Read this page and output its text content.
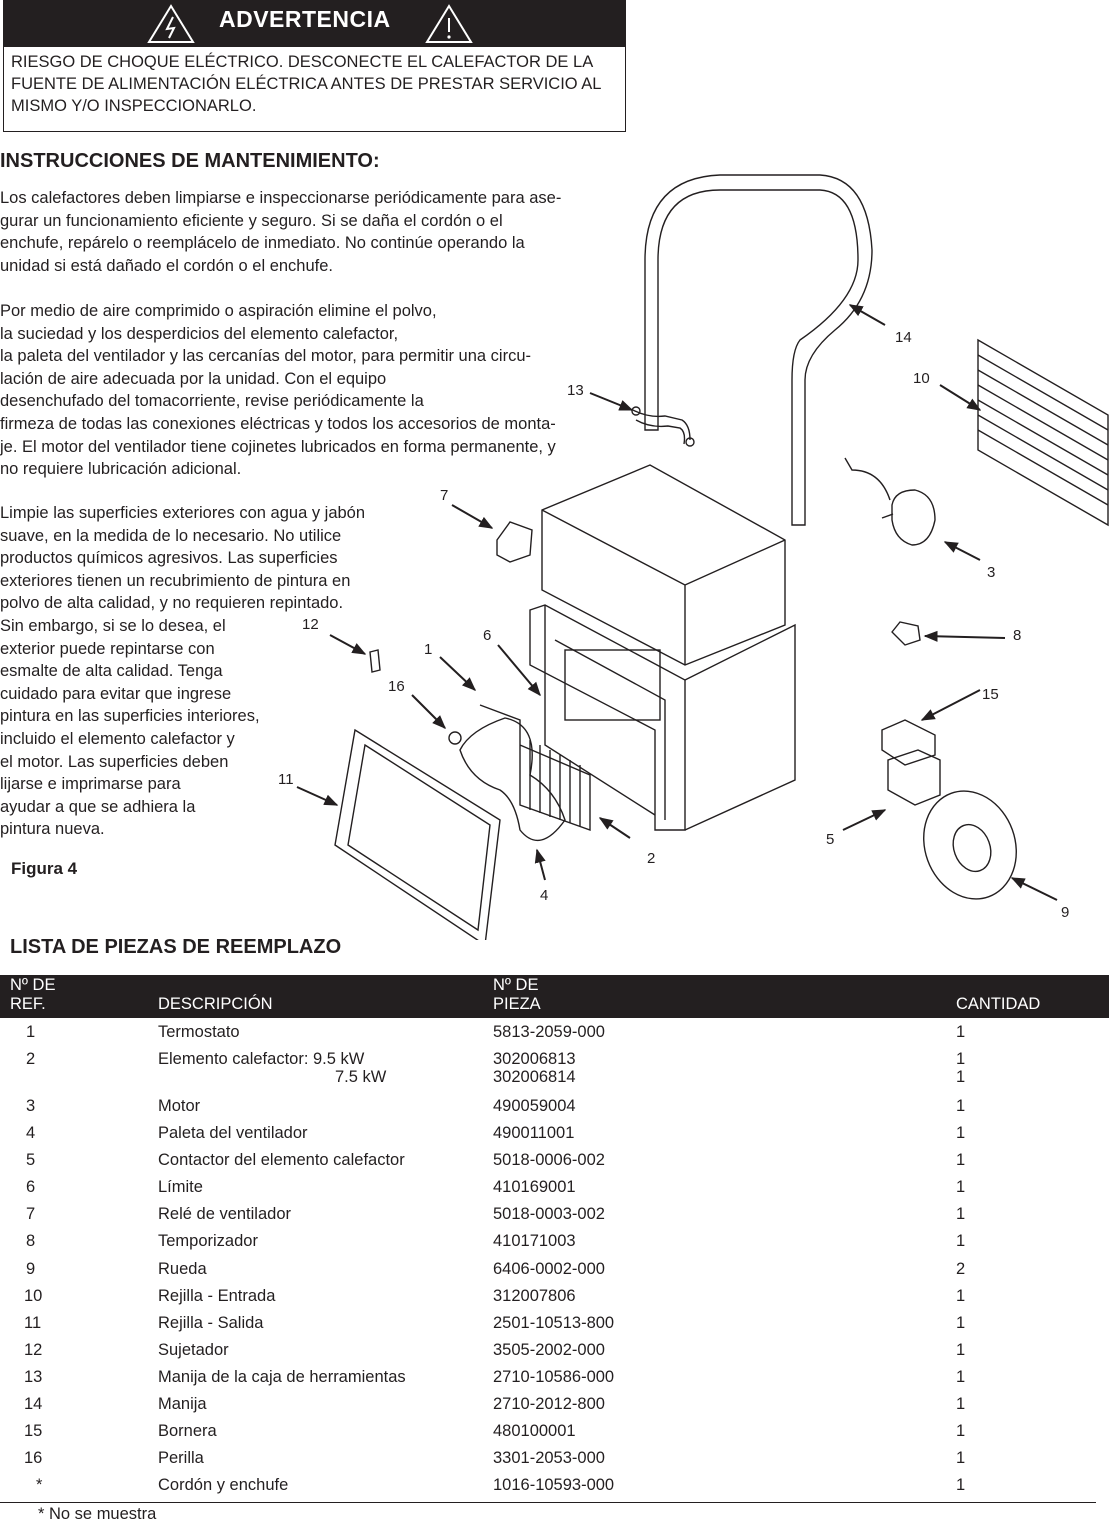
ADVERTENCIA
RIESGO DE CHOQUE ELÉCTRICO. DESCONECTE EL CALEFACTOR DE LA FUENTE DE ALIMENTACIÓN ELÉCTRICA ANTES DE PRESTAR SERVICIO AL MISMO Y/O INSPECCIONARLO.
INSTRUCCIONES DE MANTENIMIENTO:
Los calefactores deben limpiarse e inspeccionarse periódicamente para ase-
gurar un funcionamiento eficiente y seguro. Si se daña el cordón o el
enchufe, repárelo o reemplácelo de inmediato. No continúe operando la
unidad si está dañado el cordón o el enchufe.
Por medio de aire comprimido o aspiración elimine el polvo,
la suciedad y los desperdicios del elemento calefactor,
la paleta del ventilador y las cercanías del motor, para permitir una circu-
lación de aire adecuada por la unidad. Con el equipo
desenchufado del tomacorriente, revise periódicamente la
firmeza de todas las conexiones eléctricas y todos los accesorios de monta-
je. El motor del ventilador tiene cojinetes lubricados en forma permanente, y
no requiere lubricación adicional.
Limpie las superficies exteriores con agua y jabón
suave, en la medida de lo necesario. No utilice
productos químicos agresivos. Las superficies
exteriores tienen un recubrimiento de pintura en
polvo de alta calidad, y no requieren repintado.
Sin embargo, si se lo desea, el
exterior puede repintarse con
esmalte de alta calidad. Tenga
cuidado para evitar que ingrese
pintura en las superficies interiores,
incluido el elemento calefactor y
el motor. Las superficies deben
lijarse e imprimarse para
ayudar a que se adhiera la
pintura nueva.
14
10
13
7
3
8
12
1
6
16	15
11
5
2
4
9
Figura 4
LISTA DE PIEZAS DE REEMPLAZO
Nº DE
REF.	DESCRIPCIÓN
Nº DE
PIEZA	CANTIDAD
1	Termostato	5813-2059-000	1
2	Elemento calefactor: 9.5 kW	302006813	1
7.5 kW	302006814	1
3	Motor	490059004	1
4	Paleta del ventilador	490011001	1
5	Contactor del elemento calefactor	5018-0006-002	1
6	Límite	410169001	1
7	Relé de ventilador	5018-0003-002	1
8	Temporizador	410171003	1
9	Rueda	6406-0002-000	2
10	Rejilla - Entrada	312007806	1
11	Rejilla - Salida	2501-10513-800	1
12	Sujetador	3505-2002-000	1
13	Manija de la caja de herramientas	2710-10586-000	1
14	Manija	2710-2012-800	1
15	Bornera	480100001	1
16	Perilla	3301-2053-000	1
*	Cordón y enchufe	1016-10593-000	1
* No se muestra
